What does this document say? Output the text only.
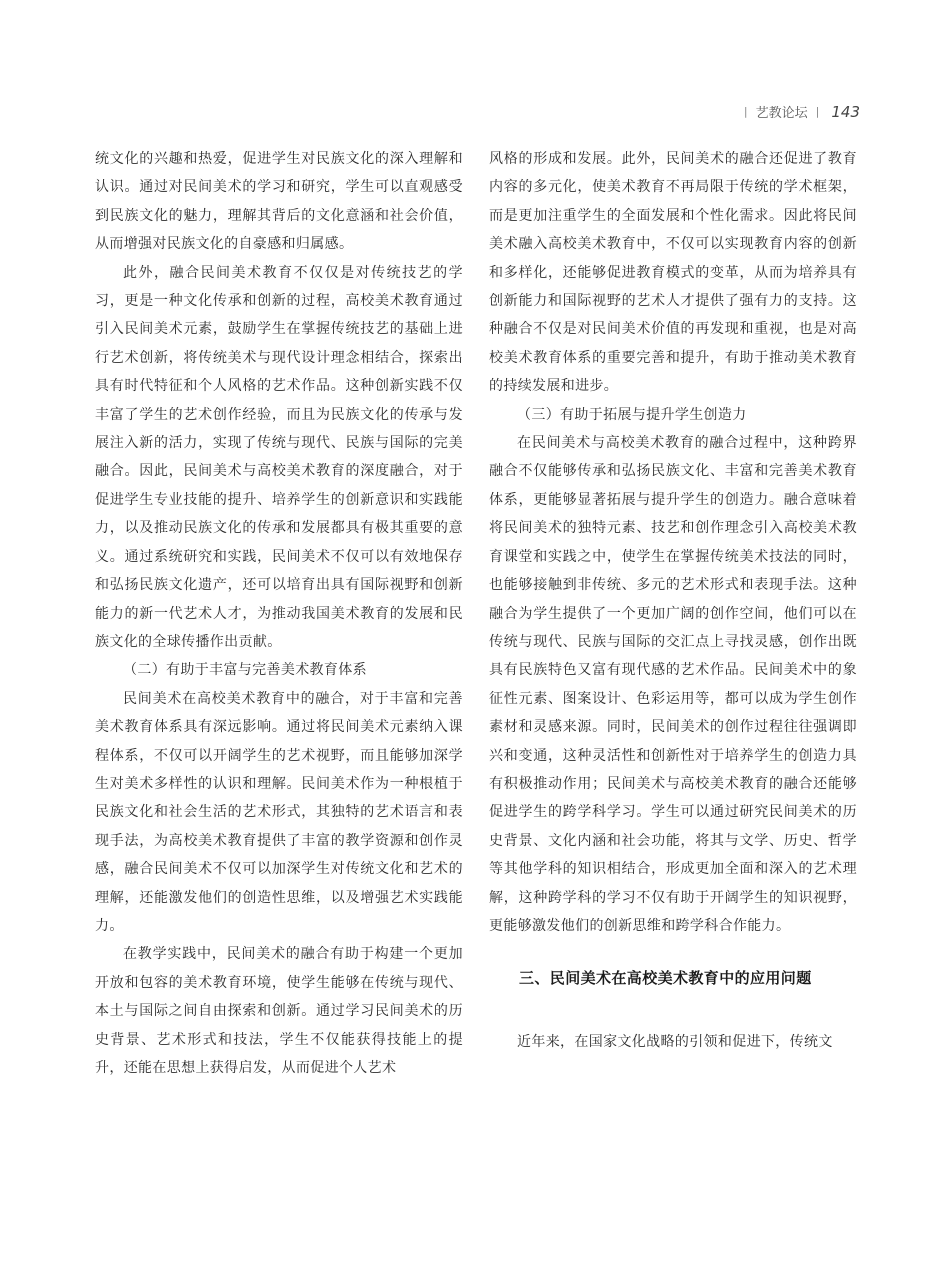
| 艺教论坛 | 143

统文化的兴趣和热爱，促进学生对民族文化的深入理解和认识。通过对民间美术的学习和研究，学生可以直观感受到民族文化的魅力，理解其背后的文化意涵和社会价值，从而增强对民族文化的自豪感和归属感。

此外，融合民间美术教育不仅仅是对传统技艺的学习，更是一种文化传承和创新的过程，高校美术教育通过引入民间美术元素，鼓励学生在掌握传统技艺的基础上进行艺术创新，将传统美术与现代设计理念相结合，探索出具有时代特征和个人风格的艺术作品。这种创新实践不仅丰富了学生的艺术创作经验，而且为民族文化的传承与发展注入新的活力，实现了传统与现代、民族与国际的完美融合。因此，民间美术与高校美术教育的深度融合，对于促进学生专业技能的提升、培养学生的创新意识和实践能力，以及推动民族文化的传承和发展都具有极其重要的意义。通过系统研究和实践，民间美术不仅可以有效地保存和弘扬民族文化遗产，还可以培育出具有国际视野和创新能力的新一代艺术人才，为推动我国美术教育的发展和民族文化的全球传播作出贡献。

（二）有助于丰富与完善美术教育体系

民间美术在高校美术教育中的融合，对于丰富和完善美术教育体系具有深远影响。通过将民间美术元素纳入课程体系，不仅可以开阔学生的艺术视野，而且能够加深学生对美术多样性的认识和理解。民间美术作为一种根植于民族文化和社会生活的艺术形式，其独特的艺术语言和表现手法，为高校美术教育提供了丰富的教学资源和创作灵感，融合民间美术不仅可以加深学生对传统文化和艺术的理解，还能激发他们的创造性思维，以及增强艺术实践能力。

在教学实践中，民间美术的融合有助于构建一个更加开放和包容的美术教育环境，使学生能够在传统与现代、本土与国际之间自由探索和创新。通过学习民间美术的历史背景、艺术形式和技法，学生不仅能获得技能上的提升，还能在思想上获得启发，从而促进个人艺术

风格的形成和发展。此外，民间美术的融合还促进了教育内容的多元化，使美术教育不再局限于传统的学术框架，而是更加注重学生的全面发展和个性化需求。因此将民间美术融入高校美术教育中，不仅可以实现教育内容的创新和多样化，还能够促进教育模式的变革，从而为培养具有创新能力和国际视野的艺术人才提供了强有力的支持。这种融合不仅是对民间美术价值的再发现和重视，也是对高校美术教育体系的重要完善和提升，有助于推动美术教育的持续发展和进步。

（三）有助于拓展与提升学生创造力

在民间美术与高校美术教育的融合过程中，这种跨界融合不仅能够传承和弘扬民族文化、丰富和完善美术教育体系，更能够显著拓展与提升学生的创造力。融合意味着将民间美术的独特元素、技艺和创作理念引入高校美术教育课堂和实践之中，使学生在掌握传统美术技法的同时，也能够接触到非传统、多元的艺术形式和表现手法。这种融合为学生提供了一个更加广阔的创作空间，他们可以在传统与现代、民族与国际的交汇点上寻找灵感，创作出既具有民族特色又富有现代感的艺术作品。民间美术中的象征性元素、图案设计、色彩运用等，都可以成为学生创作素材和灵感来源。同时，民间美术的创作过程往往强调即兴和变通，这种灵活性和创新性对于培养学生的创造力具有积极推动作用；民间美术与高校美术教育的融合还能够促进学生的跨学科学习。学生可以通过研究民间美术的历史背景、文化内涵和社会功能，将其与文学、历史、哲学等其他学科的知识相结合，形成更加全面和深入的艺术理解，这种跨学科的学习不仅有助于开阔学生的知识视野，更能够激发他们的创新思维和跨学科合作能力。

三、民间美术在高校美术教育中的应用问题

近年来，在国家文化战略的引领和促进下，传统文
